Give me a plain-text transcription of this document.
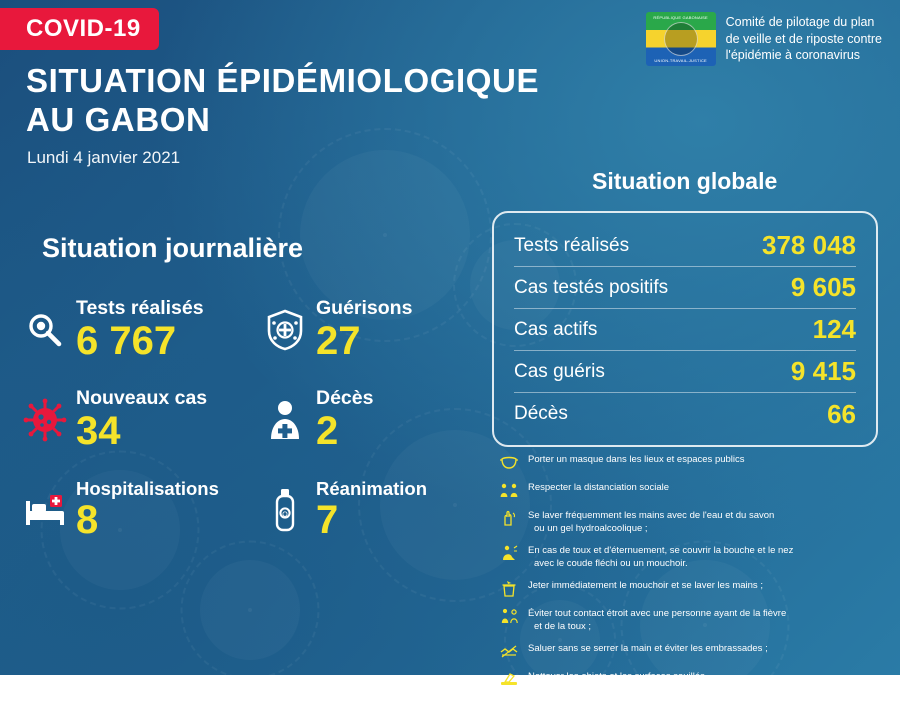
COVID-19
SITUATION ÉPIDÉMIOLOGIQUE
AU GABON
Lundi 4 janvier 2021
RÉPUBLIQUE GABONAISE
UNION-TRAVAIL-JUSTICE
Comité de pilotage du plan
de veille et de riposte contre
l'épidémie à coronavirus
Situation journalière
Tests réalisés
6 767
Guérisons
27
Nouveaux cas
34
Décès
2
Hospitalisations
8	O
Réanimation
7
Situation globale
Tests réalisés	378 048
Cas testés positifs	9 605
Cas actifs	124
Cas guéris	9 415
Décès	66
Porter un masque dans les lieux et espaces publics
Respecter la distanciation sociale
Se laver fréquemment les mains avec de l'eau et du savon
ou un gel hydroalcoolique ;
En cas de toux et d'éternuement, se couvrir la bouche et le nez
avec le coude fléchi ou un mouchoir.
Jeter immédiatement le mouchoir et se laver les mains ;
Éviter tout contact étroit avec une personne ayant de la fièvre
et de la toux ;
Saluer sans se serrer la main et éviter les embrassades ;
Nettoyer les objets et les surfaces souillés.
